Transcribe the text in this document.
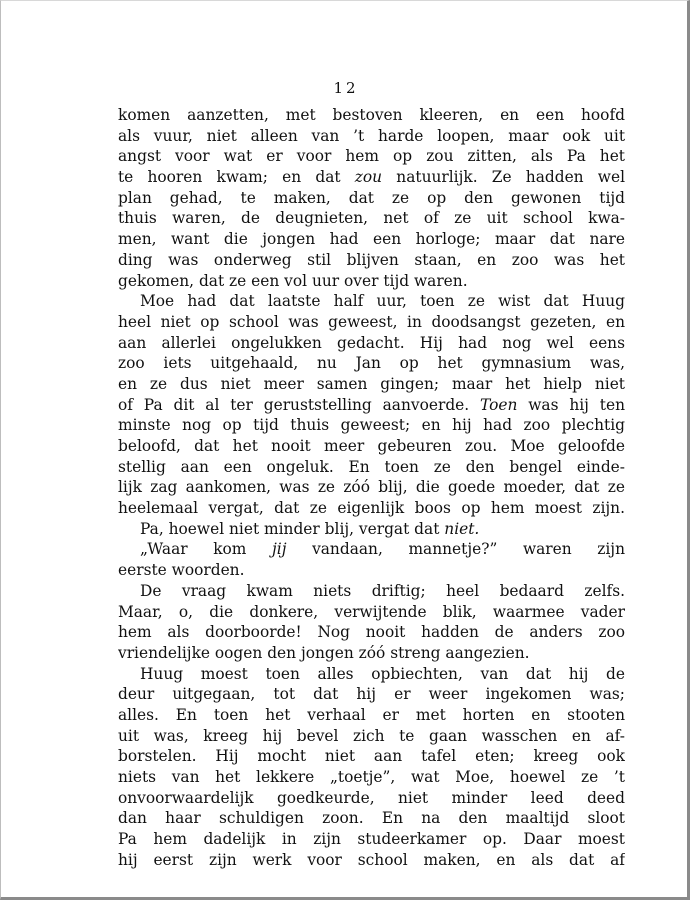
12
komen aanzetten, met bestoven kleeren, en een hoofd
als vuur, niet alleen van ’t harde loopen, maar ook uit
angst voor wat er voor hem op zou zitten, als Pa het
te hooren kwam; en dat zou natuurlijk. Ze hadden wel
plan gehad, te maken, dat ze op den gewonen tijd
thuis waren, de deugnieten, net of ze uit school kwa-
men, want die jongen had een horloge; maar dat nare
ding was onderweg stil blijven staan, en zoo was het
gekomen, dat ze een vol uur over tijd waren.
Moe had dat laatste half uur, toen ze wist dat Huug
heel niet op school was geweest, in doodsangst gezeten, en
aan allerlei ongelukken gedacht. Hij had nog wel eens
zoo iets uitgehaald, nu Jan op het gymnasium was,
en ze dus niet meer samen gingen; maar het hielp niet
of Pa dit al ter geruststelling aanvoerde. Toen was hij ten
minste nog op tijd thuis geweest; en hij had zoo plechtig
beloofd, dat het nooit meer gebeuren zou. Moe geloofde
stellig aan een ongeluk. En toen ze den bengel einde-
lijk zag aankomen, was ze zóó blij, die goede moeder, dat ze
heelemaal vergat, dat ze eigenlijk boos op hem moest zijn.
Pa, hoewel niet minder blij, vergat dat niet.
„Waar kom jij vandaan, mannetje?” waren zijn
eerste woorden.
De vraag kwam niets driftig; heel bedaard zelfs.
Maar, o, die donkere, verwijtende blik, waarmee vader
hem als doorboorde! Nog nooit hadden de anders zoo
vriendelijke oogen den jongen zóó streng aangezien.
Huug moest toen alles opbiechten, van dat hij de
deur uitgegaan, tot dat hij er weer ingekomen was;
alles. En toen het verhaal er met horten en stooten
uit was, kreeg hij bevel zich te gaan wasschen en af-
borstelen. Hij mocht niet aan tafel eten; kreeg ook
niets van het lekkere „toetje”, wat Moe, hoewel ze ’t
onvoorwaardelijk goedkeurde, niet minder leed deed
dan haar schuldigen zoon. En na den maaltijd sloot
Pa hem dadelijk in zijn studeerkamer op. Daar moest
hij eerst zijn werk voor school maken, en als dat af
